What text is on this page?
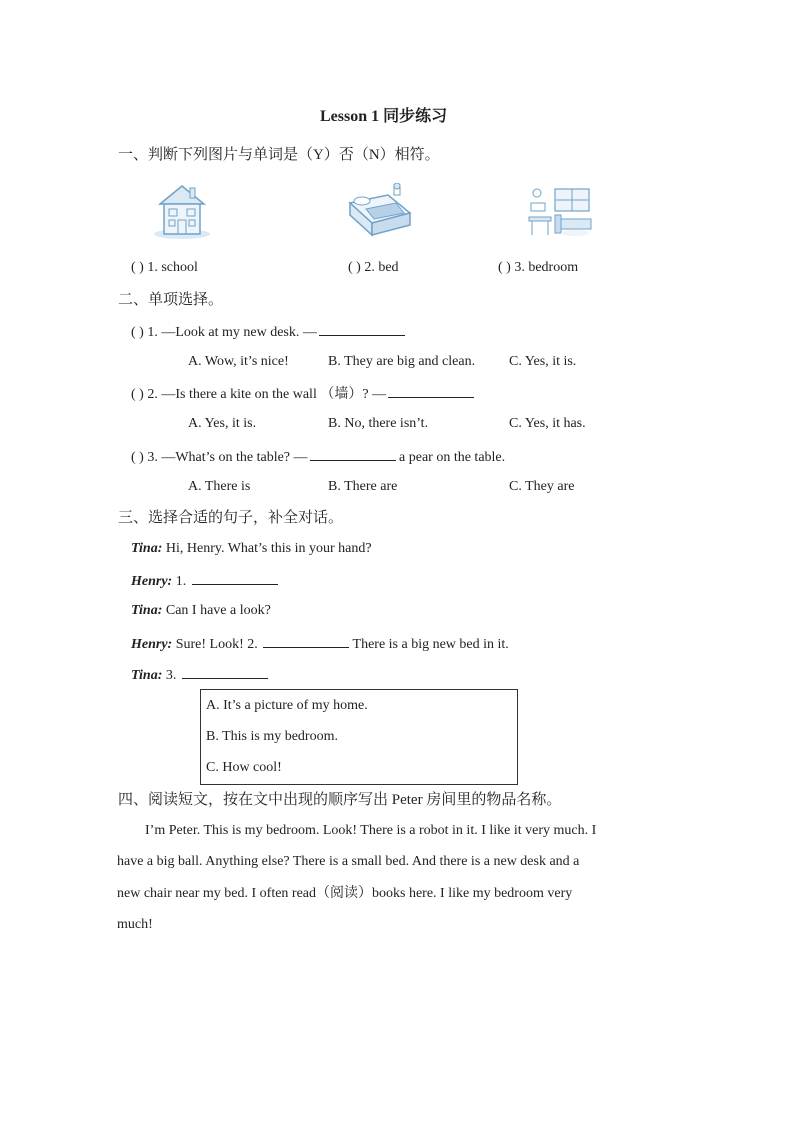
Lesson 1 同步练习
一、判断下列图片与单词是（Y）否（N）相符。
( ) 1. school	( ) 2. bed	( ) 3. bedroom
二、单项选择。
( ) 1. —Look at my new desk. —
A. Wow, it’s nice!	B. They are big and clean. C. Yes, it is.
( ) 2. —Is there a kite on the wall （墙）? —
A. Yes, it is.	B. No, there isn’t.	C. Yes, it has.
( ) 3. —What’s on the table? —	a pear on the table.
A. There is	B. There are	C. They are
三、选择合适的句子，补全对话。
Tina: Hi, Henry. What’s this in your hand?
Henry: 1.
Tina: Can I have a look?
Henry: Sure! Look! 2.	There is a big new bed in it.
Tina: 3.
A. It’s a picture of my home.
B. This is my bedroom.
C. How cool!
四、阅读短文，按在文中出现的顺序写出 Peter 房间里的物品名称。
I’m Peter. This is my bedroom. Look! There is a robot in it. I like it very much. I
have a big ball. Anything else? There is a small bed. And there is a new desk and a
new chair near my bed. I often read（阅读）books here. I like my bedroom very
much!
